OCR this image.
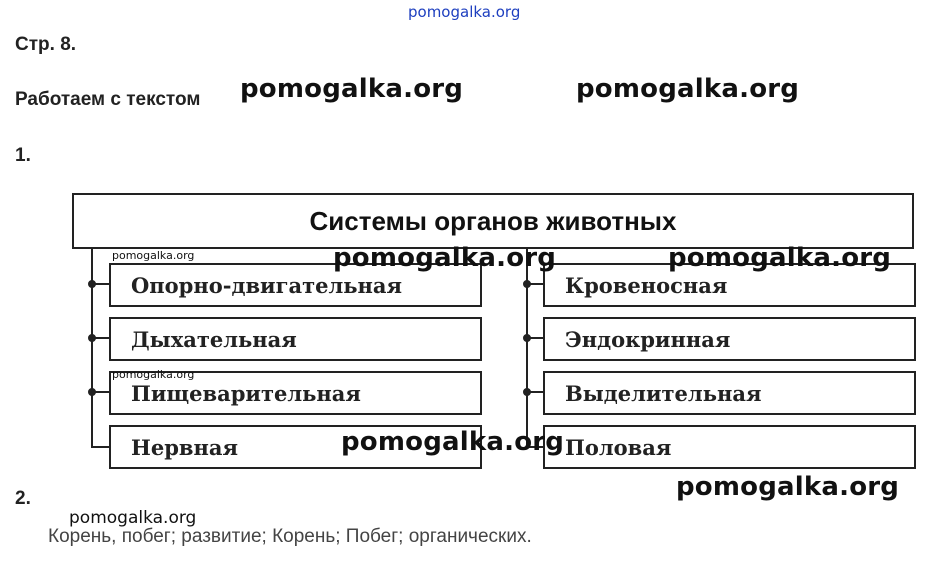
pomogalka.org
Стр. 8.
Работаем с текстом pomogalka.org	pomogalka.org
1.
Системы органов животных
Опорно-двигательная
Дыхательная
Пищеварительная
Нервная
Кровеносная
Эндокринная
Выделительная
Половая
pomogalka.org
pomogalka.org
pomogalka.org	pomogalka.org
pomogalka.org
pomogalka.org
2.
pomogalka.org
Корень, побег; развитие; Корень; Побег; органических.
